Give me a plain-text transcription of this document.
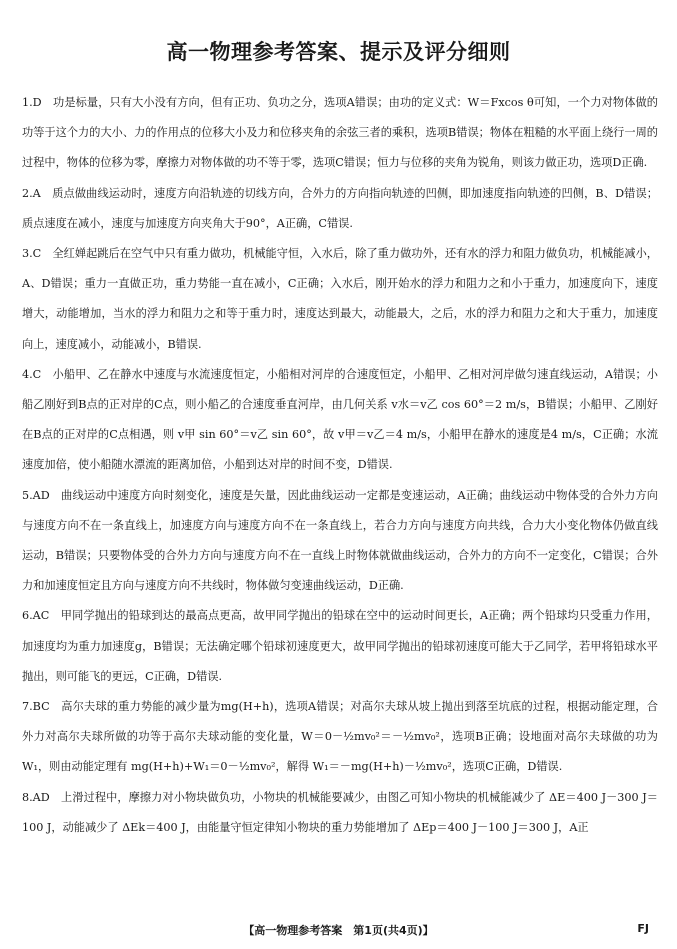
高一物理参考答案、提示及评分细则

1.D　功是标量，只有大小没有方向，但有正功、负功之分，选项A错误；由功的定义式：W＝Fxcos θ可知，一个力对物体做的功等于这个力的大小、力的作用点的位移大小及力和位移夹角的余弦三者的乘积，选项B错误；物体在粗糙的水平面上绕行一周的过程中，物体的位移为零，摩擦力对物体做的功不等于零，选项C错误；恒力与位移的夹角为锐角，则该力做正功，选项D正确.

2.A　质点做曲线运动时，速度方向沿轨迹的切线方向，合外力的方向指向轨迹的凹侧，即加速度指向轨迹的凹侧，B、D错误；质点速度在减小，速度与加速度方向夹角大于90°，A正确，C错误.

3.C　全红婵起跳后在空气中只有重力做功，机械能守恒，入水后，除了重力做功外，还有水的浮力和阻力做负功，机械能减小，A、D错误；重力一直做正功，重力势能一直在减小，C正确；入水后，刚开始水的浮力和阻力之和小于重力，加速度向下，速度增大，动能增加，当水的浮力和阻力之和等于重力时，速度达到最大，动能最大，之后，水的浮力和阻力之和大于重力，加速度向上，速度减小，动能减小，B错误.

4.C　小船甲、乙在静水中速度与水流速度恒定，小船相对河岸的合速度恒定，小船甲、乙相对河岸做匀速直线运动，A错误；小船乙刚好到B点的正对岸的C点，则小船乙的合速度垂直河岸，由几何关系 v水＝v乙 cos 60°＝2 m/s，B错误；小船甲、乙刚好在B点的正对岸的C点相遇，则 v甲 sin 60°＝v乙 sin 60°，故 v甲＝v乙＝4 m/s，小船甲在静水的速度是4 m/s，C正确；水流速度加倍，使小船随水漂流的距离加倍，小船到达对岸的时间不变，D错误.

5.AD　曲线运动中速度方向时刻变化，速度是矢量，因此曲线运动一定都是变速运动，A正确；曲线运动中物体受的合外力方向与速度方向不在一条直线上，加速度方向与速度方向不在一条直线上，若合力方向与速度方向共线，合力大小变化物体仍做直线运动，B错误；只要物体受的合外力方向与速度方向不在一直线上时物体就做曲线运动，合外力的方向不一定变化，C错误；合外力和加速度恒定且方向与速度方向不共线时，物体做匀变速曲线运动，D正确.

6.AC　甲同学抛出的铅球到达的最高点更高，故甲同学抛出的铅球在空中的运动时间更长，A正确；两个铅球均只受重力作用，加速度均为重力加速度g，B错误；无法确定哪个铅球初速度更大，故甲同学抛出的铅球初速度可能大于乙同学，若甲将铅球水平抛出，则可能飞的更远，C正确，D错误.

7.BC　高尔夫球的重力势能的减少量为mg(H+h)，选项A错误；对高尔夫球从坡上抛出到落至坑底的过程，根据动能定理，合外力对高尔夫球所做的功等于高尔夫球动能的变化量，W＝0－½mv₀²＝－½mv₀²，选项B正确；设地面对高尔夫球做的功为W₁，则由动能定理有 mg(H+h)+W₁＝0－½mv₀²，解得 W₁＝－mg(H+h)－½mv₀²，选项C正确，D错误.

8.AD　上滑过程中，摩擦力对小物块做负功，小物块的机械能要减少，由图乙可知小物块的机械能减少了 ΔE＝400 J－300 J＝100 J，动能减少了 ΔEk＝400 J，由能量守恒定律知小物块的重力势能增加了 ΔEp＝400 J－100 J＝300 J，A正

【高一物理参考答案　第1页(共4页)】	FJ
